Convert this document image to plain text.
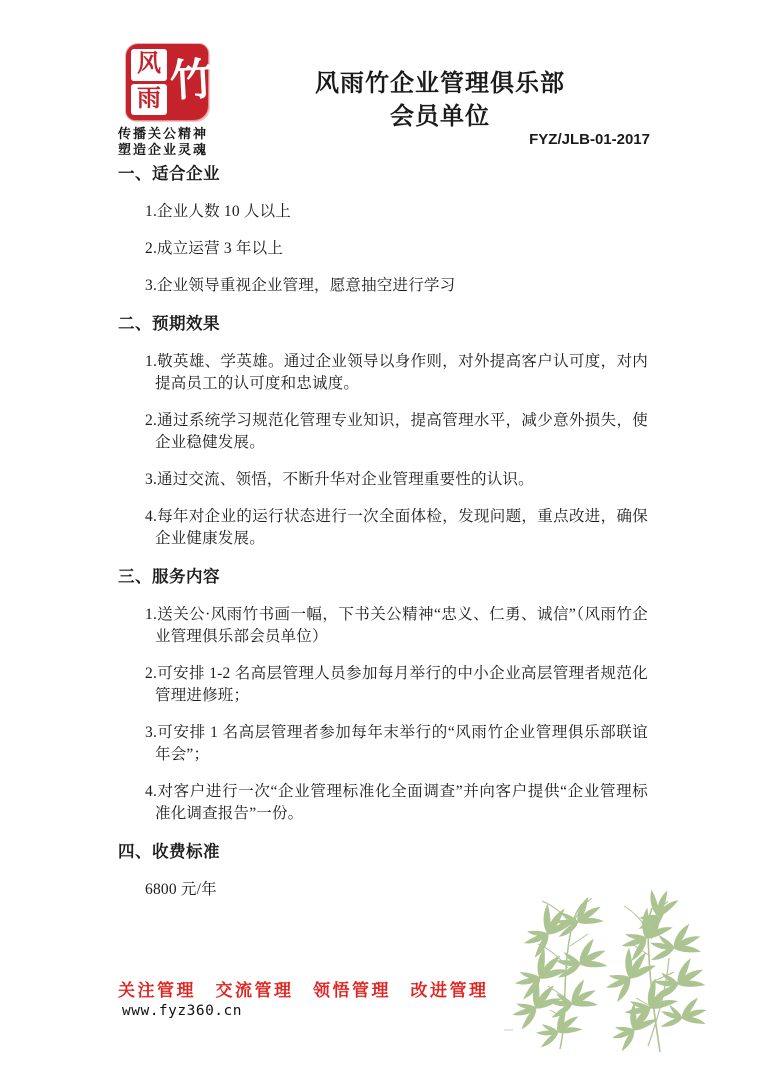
风
雨 竹
传播关公精神
塑造企业灵魂
风雨竹企业管理俱乐部
会员单位
FYZ/JLB-01-2017
一、适合企业
1.企业人数 10 人以上
2.成立运营 3 年以上
3.企业领导重视企业管理，愿意抽空进行学习
二、预期效果
1.敬英雄、学英雄。通过企业领导以身作则，对外提高客户认可度，对内提高员工的认可度和忠诚度。
2.通过系统学习规范化管理专业知识，提高管理水平，减少意外损失，使企业稳健发展。
3.通过交流、领悟，不断升华对企业管理重要性的认识。
4.每年对企业的运行状态进行一次全面体检，发现问题，重点改进，确保企业健康发展。
三、服务内容
1.送关公·风雨竹书画一幅，下书关公精神“忠义、仁勇、诚信”（风雨竹企业管理俱乐部会员单位）
2.可安排 1-2 名高层管理人员参加每月举行的中小企业高层管理者规范化管理进修班；
3.可安排 1 名高层管理者参加每年末举行的“风雨竹企业管理俱乐部联谊年会”；
4.对客户进行一次“企业管理标准化全面调查”并向客户提供“企业管理标准化调查报告”一份。
四、收费标准
6800 元/年
关注管理　交流管理　领悟管理　改进管理
www.fyz360.cn
